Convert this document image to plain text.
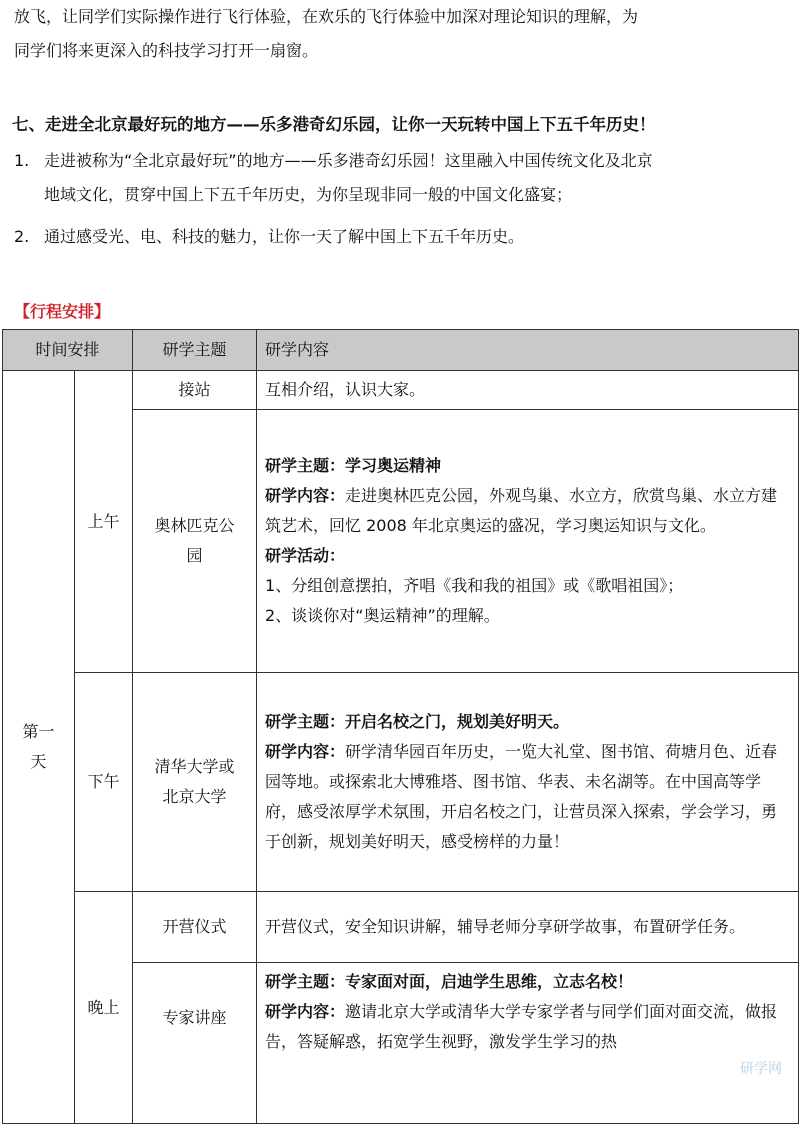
放飞，让同学们实际操作进行飞行体验，在欢乐的飞行体验中加深对理论知识的理解，为
同学们将来更深入的科技学习打开一扇窗。
七、走进全北京最好玩的地方——乐多港奇幻乐园，让你一天玩转中国上下五千年历史！
1. 走进被称为“全北京最好玩”的地方——乐多港奇幻乐园！这里融入中国传统文化及北京
地域文化，贯穿中国上下五千年历史，为你呈现非同一般的中国文化盛宴；
2. 通过感受光、电、科技的魅力，让你一天了解中国上下五千年历史。
【行程安排】
时间安排		研学主题	研学内容
第一天	上午	接站	互相介绍，认识大家。
		奥林匹克公园	研学主题：学习奥运精神
研学内容：走进奥林匹克公园，外观鸟巢、水立方，欣赏鸟巢、水立方建筑艺术，回忆 2008 年北京奥运的盛况，学习奥运知识与文化。
研学活动：
1、分组创意摆拍，齐唱《我和我的祖国》或《歌唱祖国》；
2、谈谈你对“奥运精神”的理解。

	下午	清华大学或北京大学	研学主题：开启名校之门，规划美好明天。
研学内容：研学清华园百年历史，一览大礼堂、图书馆、荷塘月色、近春园等地。或探索北大博雅塔、图书馆、华表、未名湖等。在中国高等学府，感受浓厚学术氛围，开启名校之门，让营员深入探索，学会学习，勇于创新，规划美好明天，感受榜样的力量！

	晚上	开营仪式	开营仪式，安全知识讲解，辅导老师分享研学故事，布置研学任务。
		专家讲座	研学主题：专家面对面，启迪学生思维，立志名校！
研学内容：邀请北京大学或清华大学专家学者与同学们面对面交流，做报告，答疑解惑，拓宽学生视野，激发学生学习的热
研学网
